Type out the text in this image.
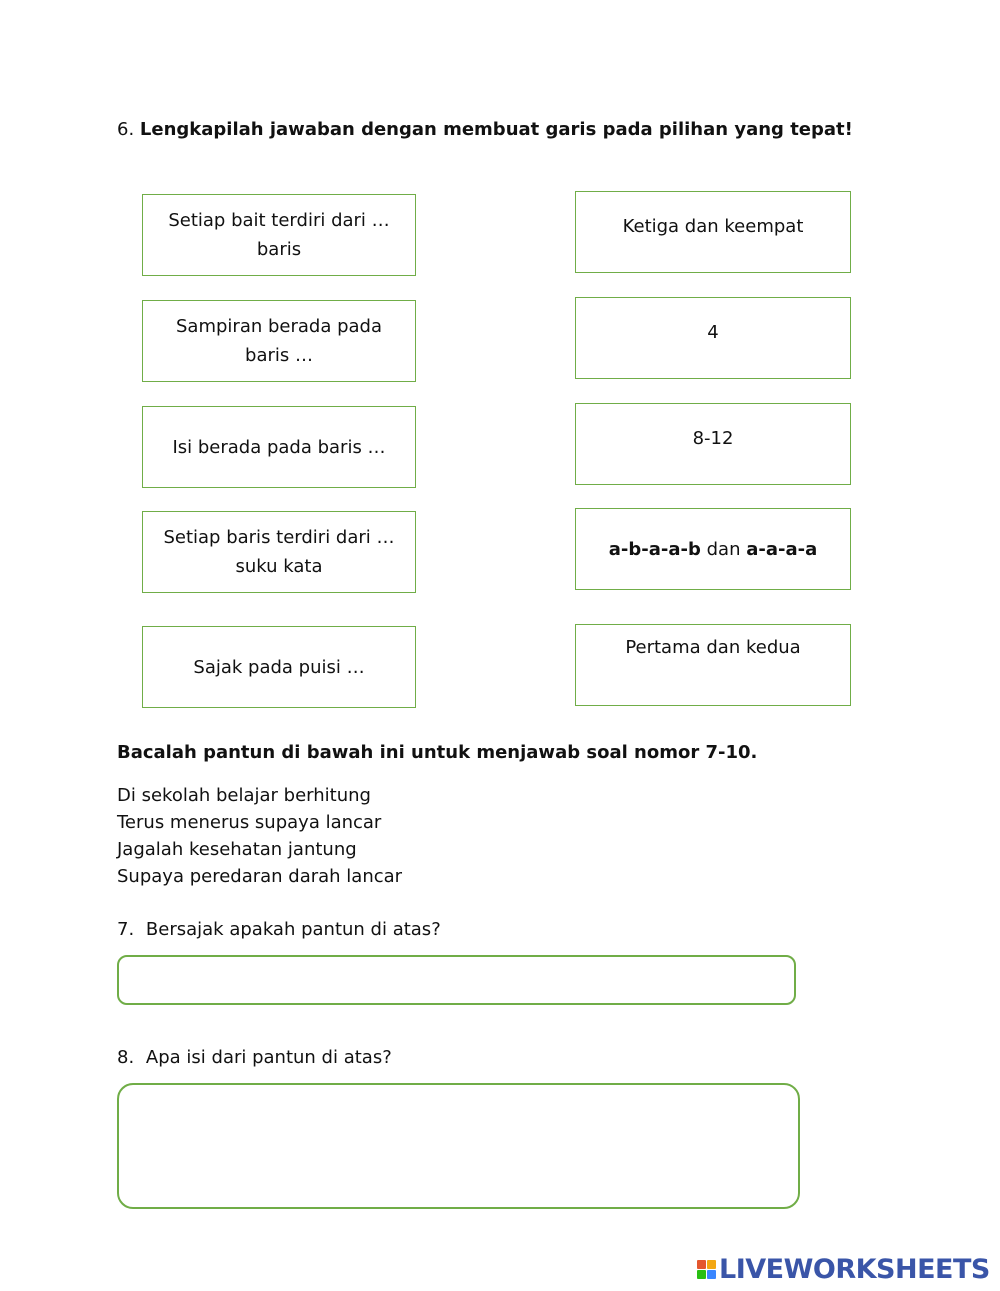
6. Lengkapilah jawaban dengan membuat garis pada pilihan yang tepat!
Setiap bait terdiri dari … baris
Sampiran berada pada baris …
Isi berada pada baris …
Setiap baris terdiri dari … suku kata
Sajak pada puisi …
Ketiga dan keempat
4
8-12
a-b-a-a-b dan a-a-a-a
Pertama dan kedua
Bacalah pantun di bawah ini untuk menjawab soal nomor 7-10.
Di sekolah belajar berhitung
Terus menerus supaya lancar
Jagalah kesehatan jantung
Supaya peredaran darah lancar
7. Bersajak apakah pantun di atas?
8. Apa isi dari pantun di atas?
LIVEWORKSHEETS
